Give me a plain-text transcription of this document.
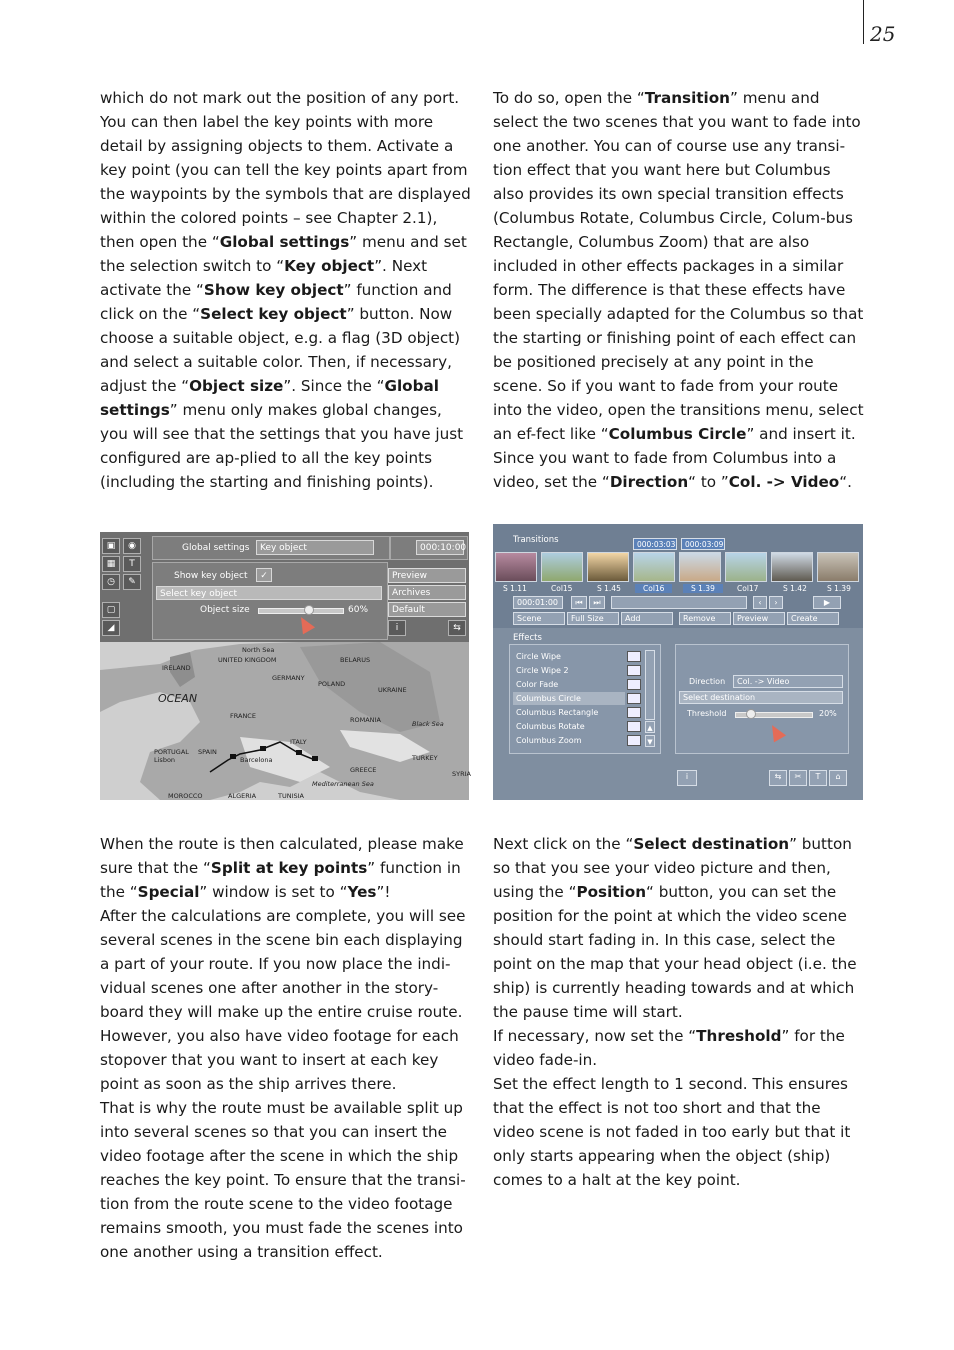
25

which do not mark out the position of any port. You can then label the key points with more detail by assigning objects to them. Activate a key point (you can tell the key points apart from the waypoints by the symbols that are displayed within the colored points – see Chapter 2.1), then open the “Global settings” menu and set the selection switch to “Key object”. Next activate the “Show key object” function and click on the “Select key object” button. Now choose a suitable object, e.g. a flag (3D object) and select a suitable color. Then, if necessary, adjust the “Object size”. Since the “Global settings” menu only makes global changes, you will see that the settings that you have just configured are ap-plied to all the key points (including the starting and finishing points).

To do so, open the “Transition” menu and select the two scenes that you want to fade into one another. You can of course use any transi-tion effect that you want here but Columbus also provides its own special transition effects (Columbus Rotate, Columbus Circle, Colum-bus Rectangle, Columbus Zoom) that are also included in other effects packages in a similar form. The difference is that these effects have been specially adapted for the Columbus so that the starting or finishing point of each effect can be positioned precisely at any point in the scene. So if you want to fade from your route into the video, open the transitions menu, select an ef-fect like “Columbus Circle” and insert it. Since you want to fade from Columbus into a video, set the “Direction“ to ”Col. -> Video“.

When the route is then calculated, please make sure that the “Split at key points” function in the “Special” window is set to “Yes”!

After the calculations are complete, you will see several scenes in the scene bin each displaying a part of your route. If you now place the indi-vidual scenes one after another in the story-board they will make up the entire cruise route. However, you also have video footage for each stopover that you want to insert at each key point as soon as the ship arrives there.

That is why the route must be available split up into several scenes so that you can insert the video footage after the scene in which the ship reaches the key point. To ensure that the transi-tion from the route scene to the video footage remains smooth, you must fade the scenes into one another using a transition effect.

Next click on the “Select destination” button so that you see your video picture and then, using the “Position“ button, you can set the position for the point at which the video scene should start fading in. In this case, select the point on the map that your head object (i.e. the ship) is currently heading towards and at which the pause time will start.

If necessary, now set the “Threshold” for the video fade-in.

Set the effect length to 1 second. This ensures that the effect is not too short and that the video scene is not faded in too early but that it only starts appearing when the object (ship) comes to a halt at the key point.

▣	◉
▦	T
◷	✎
▢
◢
Global settings	Key object	000:10:00
Show key object	✓
Select key object
Object size	60%
Preview
Archives
Default
i	⇆
IRELAND
UNITED KINGDOM
North Sea
BELARUS
GERMANY
POLAND
UKRAINE
OCEAN
FRANCE	ROMANIA	Black Sea
ITALY
SPAIN
PORTUGAL
Lisbon	Barcelona
GREECE
TURKEY
Mediterranean Sea
MOROCCO	ALGERIA	TUNISIA
SYRIA
Transitions	000:03:03	000:03:09
S 1.11	Col15	S 1.45	Col16	S 1.39	Col17	S 1.42	S 1.39
000:01:00	⏮	⏭	‹	›	▶
Scene	Full Size	Add	Remove	Preview	Create
Effects
Circle Wipe
Circle Wipe 2
Color Fade
Columbus Circle
Columbus Rectangle
Columbus Rotate
Columbus Zoom
▲
▼
Direction	Col. -> Video
Select destination
Threshold	20%
i	⇆	✂	T	⌂
